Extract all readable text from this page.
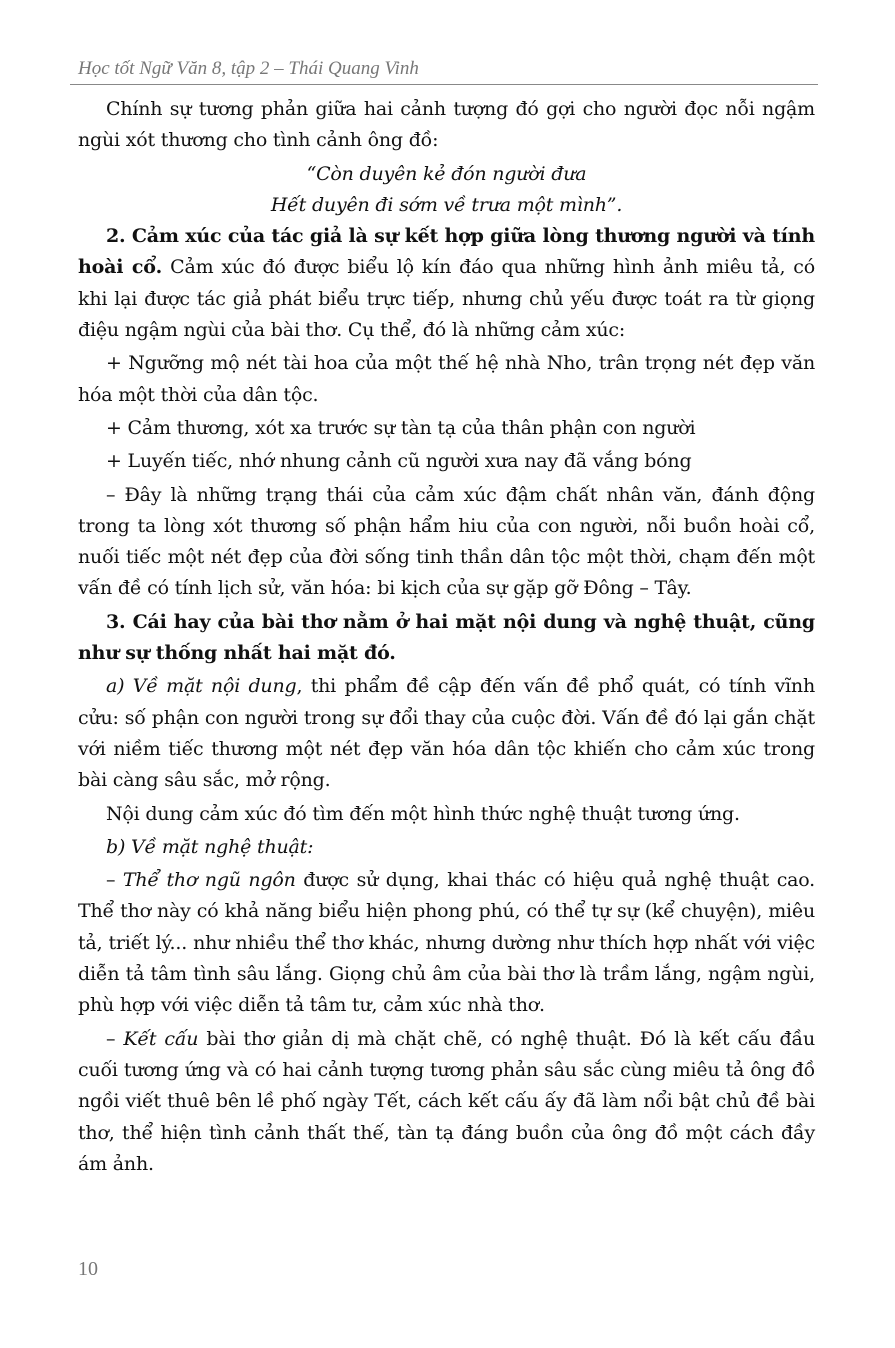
Học tốt Ngữ Văn 8, tập 2 – Thái Quang Vinh

Chính sự tương phản giữa hai cảnh tượng đó gợi cho người đọc nỗi ngậm ngùi xót thương cho tình cảnh ông đồ:

“Còn duyên kẻ đón người đưa

Hết duyên đi sớm về trưa một mình”.

2. Cảm xúc của tác giả là sự kết hợp giữa lòng thương người và tính hoài cổ. Cảm xúc đó được biểu lộ kín đáo qua những hình ảnh miêu tả, có khi lại được tác giả phát biểu trực tiếp, nhưng chủ yếu được toát ra từ giọng điệu ngậm ngùi của bài thơ. Cụ thể, đó là những cảm xúc:

+ Ngưỡng mộ nét tài hoa của một thế hệ nhà Nho, trân trọng nét đẹp văn hóa một thời của dân tộc.

+ Cảm thương, xót xa trước sự tàn tạ của thân phận con người

+ Luyến tiếc, nhớ nhung cảnh cũ người xưa nay đã vắng bóng

– Đây là những trạng thái của cảm xúc đậm chất nhân văn, đánh động trong ta lòng xót thương số phận hẩm hiu của con người, nỗi buồn hoài cổ, nuối tiếc một nét đẹp của đời sống tinh thần dân tộc một thời, chạm đến một vấn đề có tính lịch sử, văn hóa: bi kịch của sự gặp gỡ Đông – Tây.

3. Cái hay của bài thơ nằm ở hai mặt nội dung và nghệ thuật, cũng như sự thống nhất hai mặt đó.

a) Về mặt nội dung, thi phẩm đề cập đến vấn đề phổ quát, có tính vĩnh cửu: số phận con người trong sự đổi thay của cuộc đời. Vấn đề đó lại gắn chặt với niềm tiếc thương một nét đẹp văn hóa dân tộc khiến cho cảm xúc trong bài càng sâu sắc, mở rộng.

Nội dung cảm xúc đó tìm đến một hình thức nghệ thuật tương ứng.

b) Về mặt nghệ thuật:

– Thể thơ ngũ ngôn được sử dụng, khai thác có hiệu quả nghệ thuật cao. Thể thơ này có khả năng biểu hiện phong phú, có thể tự sự (kể chuyện), miêu tả, triết lý... như nhiều thể thơ khác, nhưng dường như thích hợp nhất với việc diễn tả tâm tình sâu lắng. Giọng chủ âm của bài thơ là trầm lắng, ngậm ngùi, phù hợp với việc diễn tả tâm tư, cảm xúc nhà thơ.

– Kết cấu bài thơ giản dị mà chặt chẽ, có nghệ thuật. Đó là kết cấu đầu cuối tương ứng và có hai cảnh tượng tương phản sâu sắc cùng miêu tả ông đồ ngồi viết thuê bên lề phố ngày Tết, cách kết cấu ấy đã làm nổi bật chủ đề bài thơ, thể hiện tình cảnh thất thế, tàn tạ đáng buồn của ông đồ một cách đầy ám ảnh.

10
